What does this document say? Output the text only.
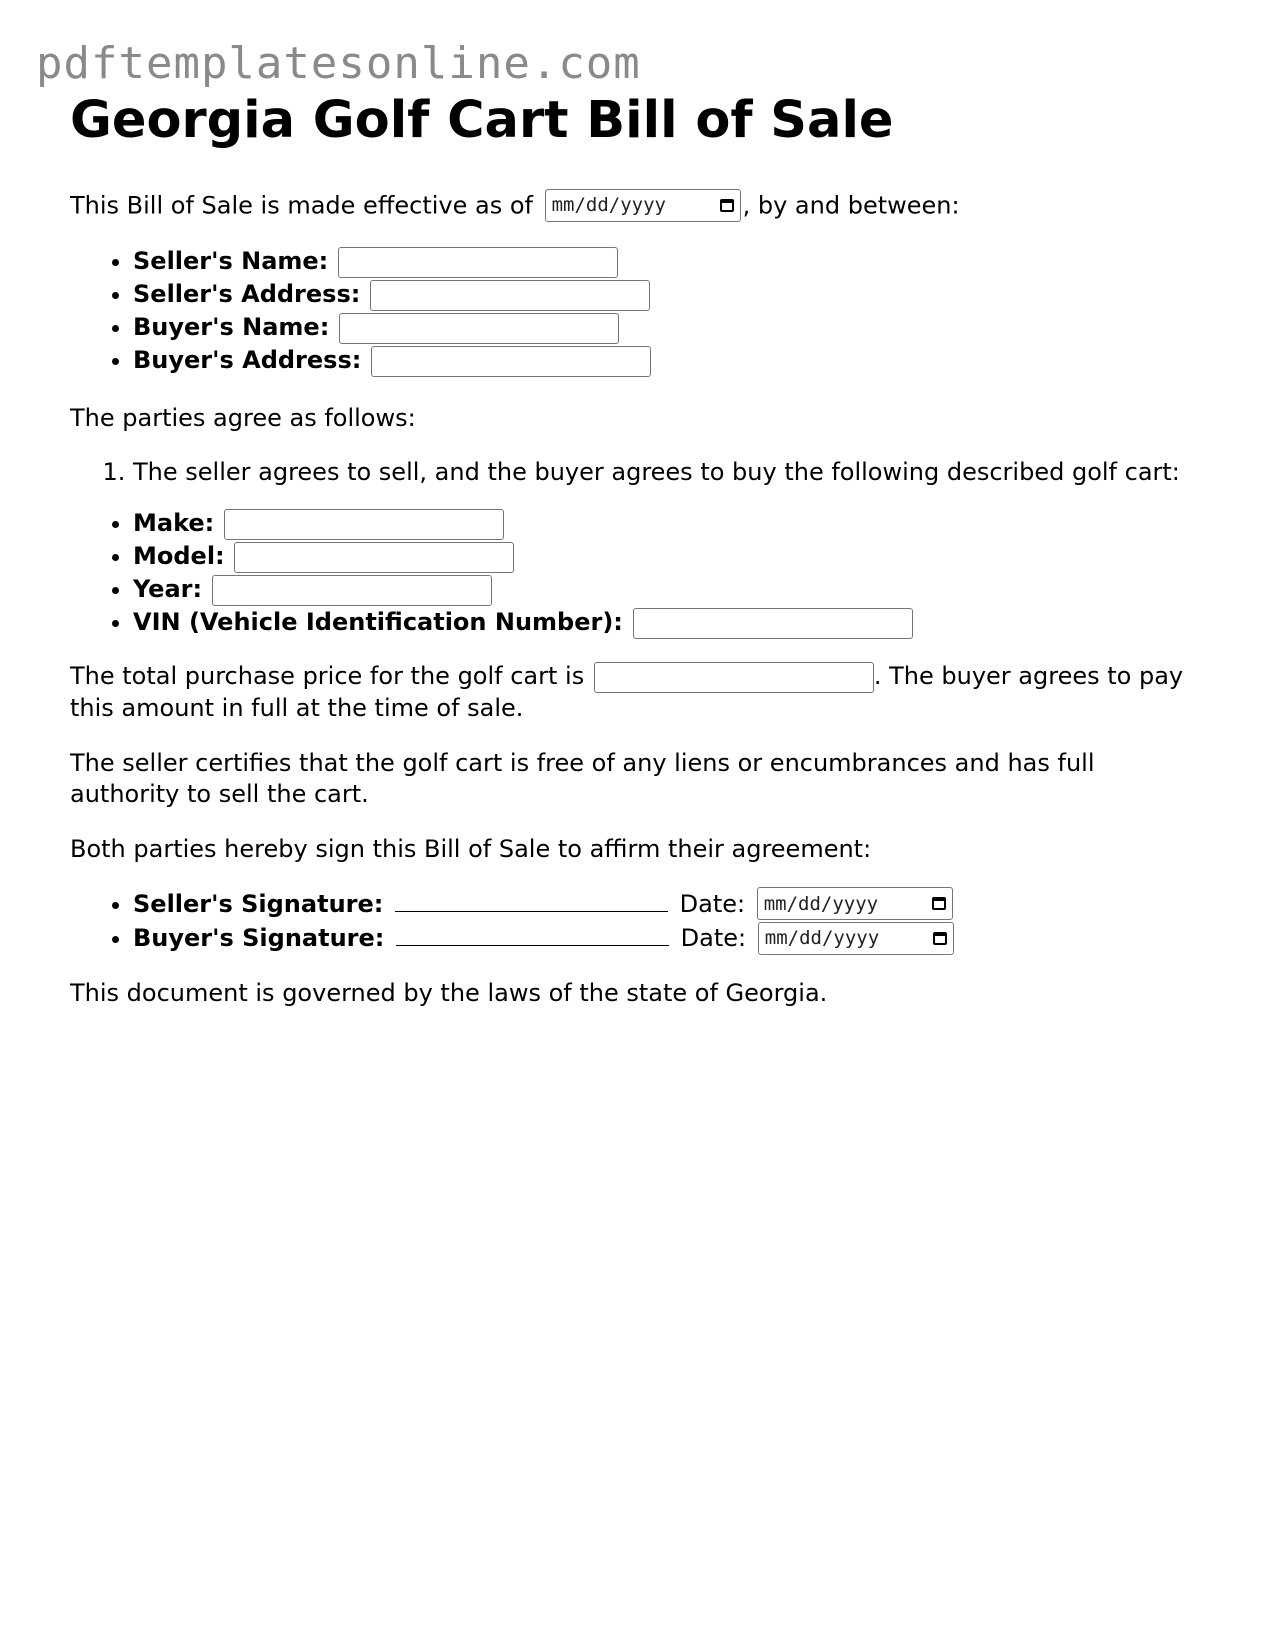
pdftemplatesonline.com
Georgia Golf Cart Bill of Sale

This Bill of Sale is made effective as of mm/dd/yyyy	, by and between:

• Seller's Name:
• Seller's Address:
• Buyer's Name:
• Buyer's Address:

The parties agree as follows:

1. The seller agrees to sell, and the buyer agrees to buy the following described golf cart:
• Make:
• Model:
• Year:
• VIN (Vehicle Identification Number):

The total purchase price for the golf cart is	. The buyer agrees to pay this amount in full at the time of sale.

The seller certifies that the golf cart is free of any liens or encumbrances and has full authority to sell the cart.

Both parties hereby sign this Bill of Sale to affirm their agreement:

• Seller's Signature:	Date: mm/dd/yyyy
• Buyer's Signature:	Date: mm/dd/yyyy

This document is governed by the laws of the state of Georgia.
